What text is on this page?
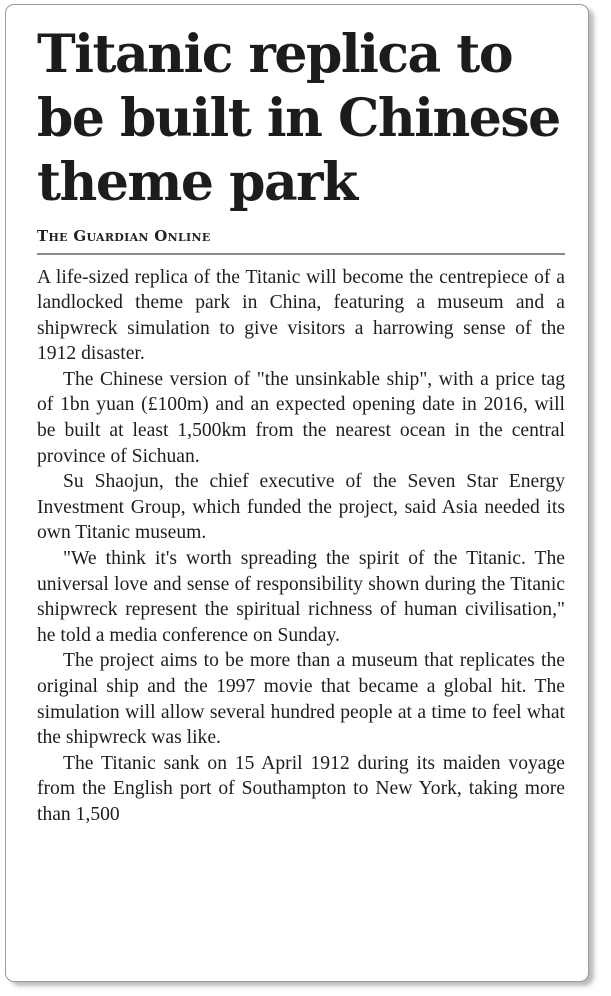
Titanic replica to be built in Chinese theme park
The Guardian Online

A life-sized replica of the Titanic will become the centrepiece of a landlocked theme park in China, featuring a museum and a shipwreck simulation to give visitors a harrowing sense of the 1912 disaster.

The Chinese version of "the unsinkable ship", with a price tag of 1bn yuan (£100m) and an expected opening date in 2016, will be built at least 1,500km from the nearest ocean in the central province of Sichuan.

Su Shaojun, the chief executive of the Seven Star Energy Investment Group, which funded the project, said Asia needed its own Titanic museum.

"We think it's worth spreading the spirit of the Titanic. The universal love and sense of responsibility shown during the Titanic shipwreck represent the spiritual richness of human civilisation," he told a media conference on Sunday.

The project aims to be more than a museum that replicates the original ship and the 1997 movie that became a global hit. The simulation will allow several hundred people at a time to feel what the shipwreck was like.

The Titanic sank on 15 April 1912 during its maiden voyage from the English port of Southampton to New York, taking more than 1,500
